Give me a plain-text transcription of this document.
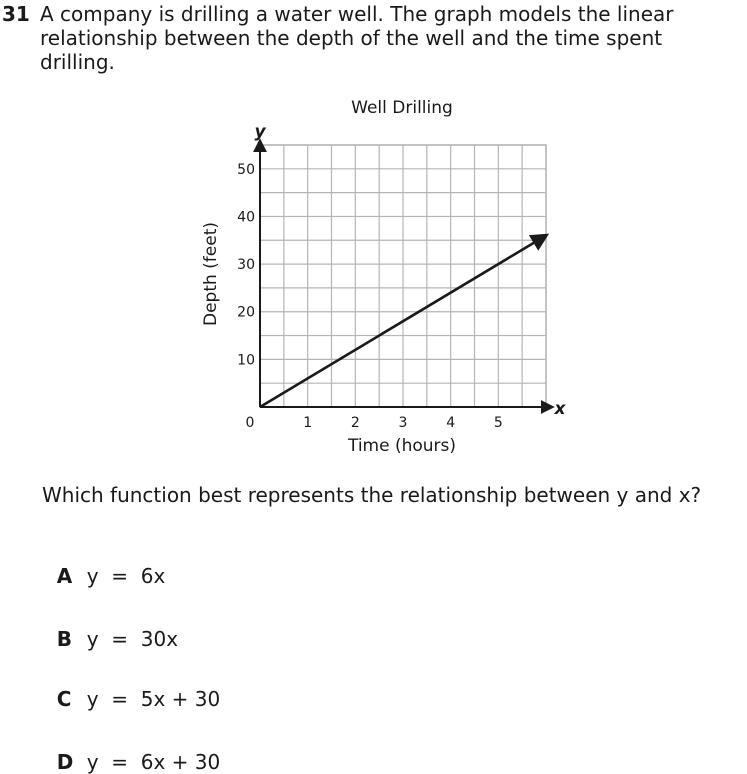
31 A company is drilling a water well. The graph models the linear relationship between the depth of the well and the time spent drilling.
0	1	2	3	4	5
10
20
30
40
50
Well Drilling
Time (hours)
Depth (feet)
y
x
Which function best represents the relationship between y and x?

A y  =  6x

B y  =  30x

C y  =  5x + 30

D y  =  6x + 30
